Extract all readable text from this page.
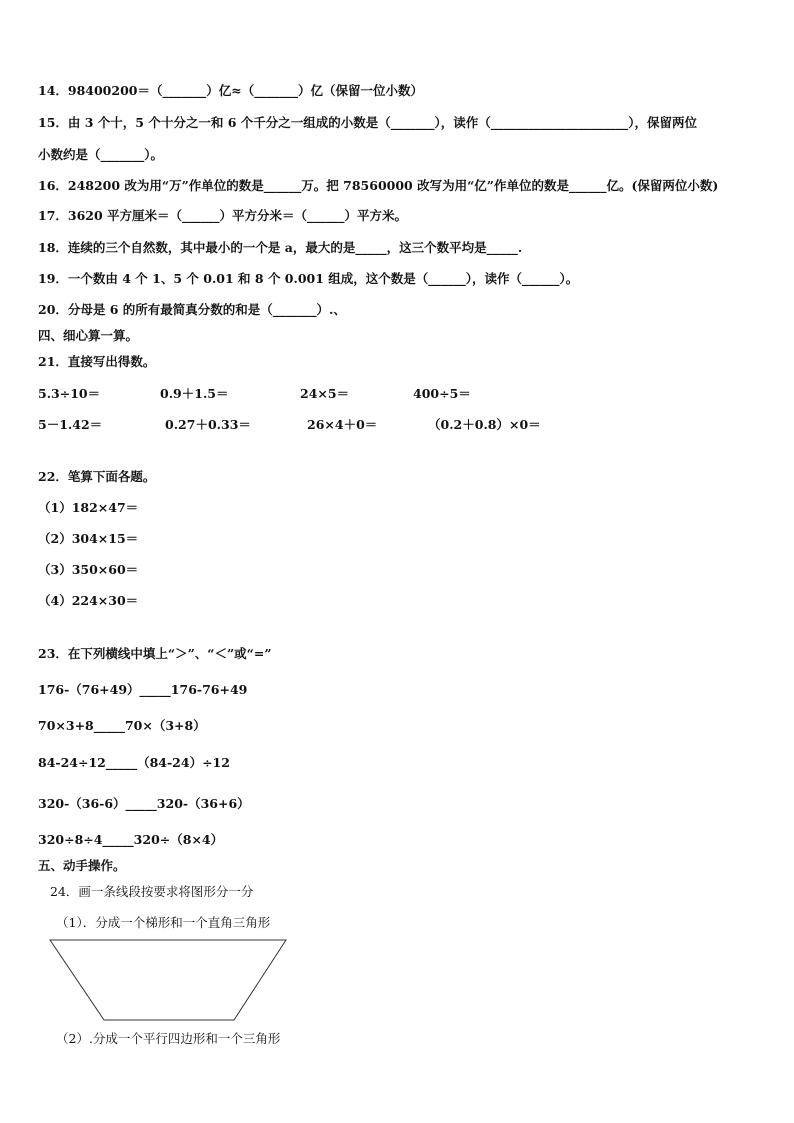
14．98400200＝（_______）亿≈（_______）亿（保留一位小数）
15．由 3 个十，5 个十分之一和 6 个千分之一组成的小数是（_______），读作（______________________），保留两位
小数约是（_______）。
16．248200 改为用“万”作单位的数是______万。把 78560000 改写为用“亿”作单位的数是______亿。(保留两位小数)
17．3620 平方厘米＝（______）平方分米＝（______）平方米。
18．连续的三个自然数，其中最小的一个是 a，最大的是_____，这三个数平均是_____.
19．一个数由 4 个 1、5 个 0.01 和 8 个 0.001 组成，这个数是（______），读作（______）。
20．分母是 6 的所有最简真分数的和是（_______）.、
四、细心算一算。
21．直接写出得数。
5.3÷10＝	0.9＋1.5＝	24×5＝	400÷5＝
5－1.42＝	0.27＋0.33＝	26×4＋0＝	（0.2＋0.8）×0＝
22．笔算下面各题。
（1）182×47＝
（2）304×15＝
（3）350×60＝
（4）224×30＝
23．在下列横线中填上“＞”、“＜”或“=”
176-（76+49）_____176-76+49
70×3+8_____70×（3+8）
84-24÷12_____（84-24）÷12
320-（36-6）_____320-（36+6）
320÷8÷4_____320÷（8×4）
五、动手操作。
24．画一条线段按要求将图形分一分
（1）．分成一个梯形和一个直角三角形
（2）.分成一个平行四边形和一个三角形
